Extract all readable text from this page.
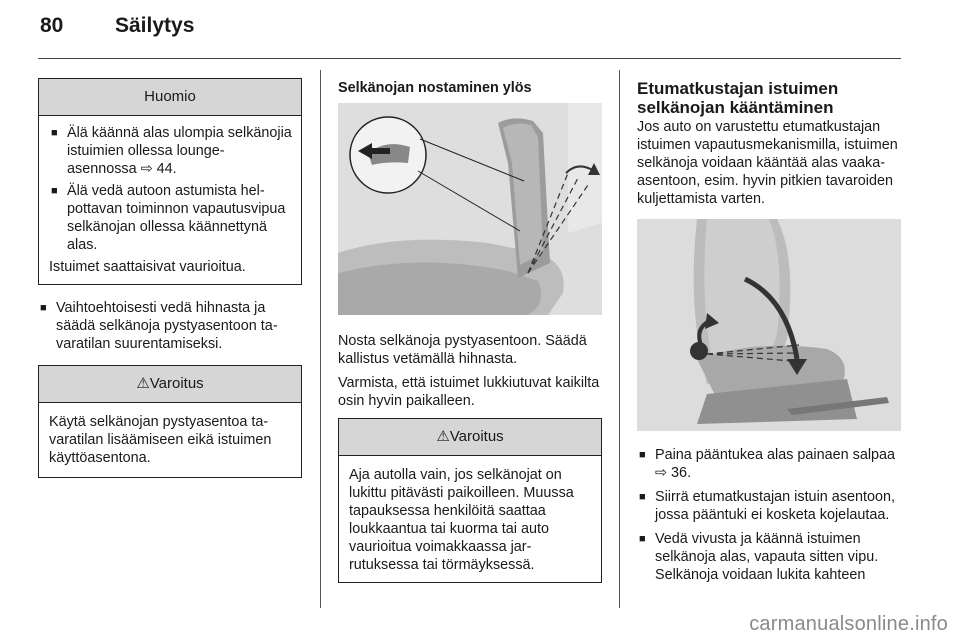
80 Säilytys
Huomio
■ Älä käännä alas ulompia selkänojia istuimien ollessa lounge-asennossa ⇨ 44.
■ Älä vedä autoon astumista helpottavan toiminnon vapautusvipua selkänojan ollessa käännettynä alas.
Istuimet saattaisivat vaurioitua.
■ Vaihtoehtoisesti vedä hihnasta ja säädä selkänoja pystyasentoon tavaratilan suurentamiseksi.
⚠Varoitus
Käytä selkänojan pystyasentoa tavaratilan lisäämiseen eikä istuimen käyttöasentona.
Selkänojan nostaminen ylös

Nosta selkänoja pystyasentoon. Säädä kallistus vetämällä hihnasta.

Varmista, että istuimet lukkiutuvat kaikilta osin hyvin paikalleen.

⚠Varoitus
Aja autolla vain, jos selkänojat on lukittu pitävästi paikoilleen. Muussa tapauksessa henkilöitä saattaa loukkaantua tai kuorma tai auto vaurioitua voimakkaassa jarrutuksessa tai törmäyksessä.
Etumatkustajan istuimen selkänojan kääntäminen
Jos auto on varustettu etumatkustajan istuimen vapautusmekanismilla, istuimen selkänoja voidaan kääntää alas vaaka-asentoon, esim. hyvin pitkien tavaroiden kuljettamista varten.
■ Paina pääntukea alas painaen salpaa ⇨ 36.
■ Siirrä etumatkustajan istuin asentoon, jossa pääntuki ei kosketa kojelautaa.
■ Vedä vivusta ja käännä istuimen selkänoja alas, vapauta sitten vipu. Selkänoja voidaan lukita kahteen
carmanualsonline.info
